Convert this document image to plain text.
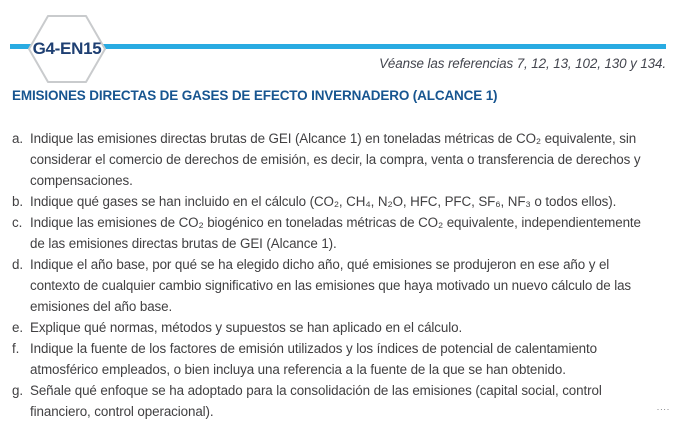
G4-EN15
Véanse las referencias 7, 12, 13, 102, 130 y 134.
EMISIONES DIRECTAS DE GASES DE EFECTO INVERNADERO (ALCANCE 1)
a. Indique las emisiones directas brutas de GEI (Alcance 1) en toneladas métricas de CO₂ equivalente, sin considerar el comercio de derechos de emisión, es decir, la compra, venta o transferencia de derechos y compensaciones.
b. Indique qué gases se han incluido en el cálculo (CO₂, CH₄, N₂O, HFC, PFC, SF₆, NF₃ o todos ellos).
c. Indique las emisiones de CO₂ biogénico en toneladas métricas de CO₂ equivalente, independientemente de las emisiones directas brutas de GEI (Alcance 1).
d. Indique el año base, por qué se ha elegido dicho año, qué emisiones se produjeron en ese año y el contexto de cualquier cambio significativo en las emisiones que haya motivado un nuevo cálculo de las emisiones del año base.
e. Explique qué normas, métodos y supuestos se han aplicado en el cálculo.
f. Indique la fuente de los factores de emisión utilizados y los índices de potencial de calentamiento atmosférico empleados, o bien incluya una referencia a la fuente de la que se han obtenido.
g. Señale qué enfoque se ha adoptado para la consolidación de las emisiones (capital social, control financiero, control operacional).	....
